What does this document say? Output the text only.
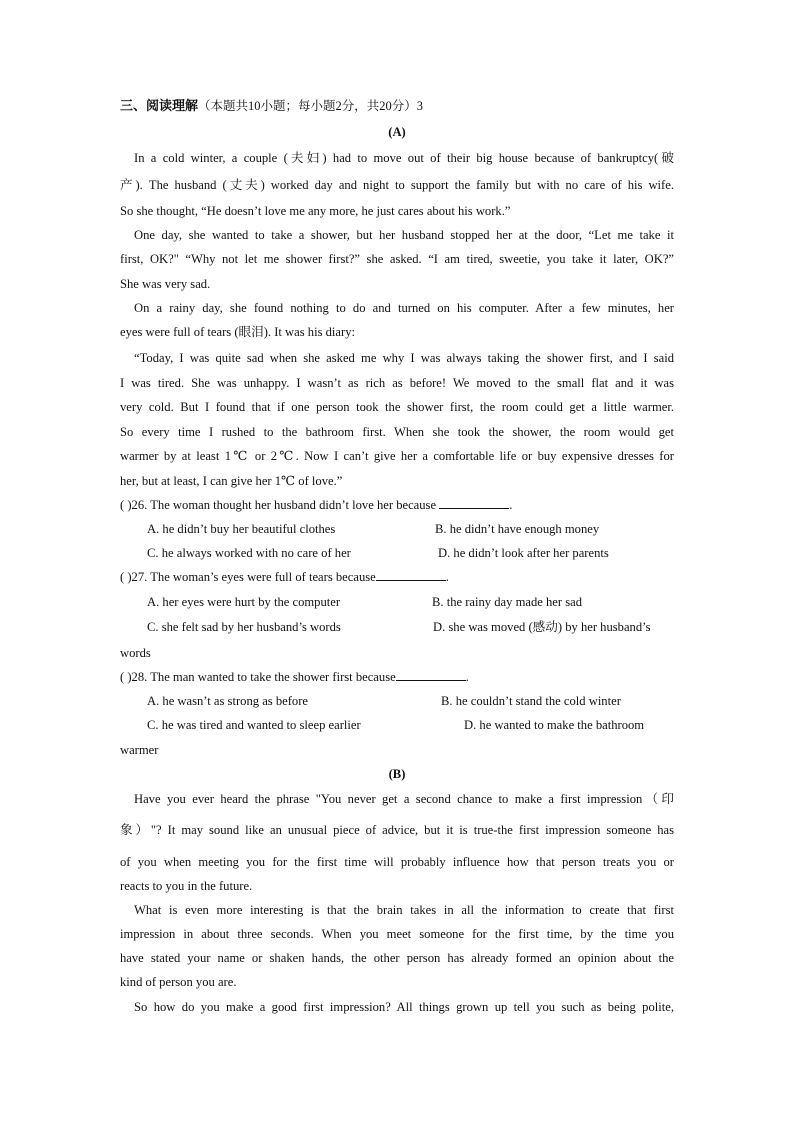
三、阅读理解（本题共10小题；每小题2分，共20分）3
(A)
In a cold winter, a couple (夫妇) had to move out of their big house because of bankruptcy(破
产). The husband (丈夫) worked day and night to support the family but with no care of his wife.
So she thought, “He doesn’t love me any more, he just cares about his work.”
One day, she wanted to take a shower, but her husband stopped her at the door, “Let me take it
first, OK?" “Why not let me shower first?” she asked. “I am tired, sweetie, you take it later, OK?”
She was very sad.
On a rainy day, she found nothing to do and turned on his computer. After a few minutes, her
eyes were full of tears (眼泪). It was his diary:
“Today, I was quite sad when she asked me why I was always taking the shower first, and I said
I was tired. She was unhappy. I wasn’t as rich as before! We moved to the small flat and it was
very cold. But I found that if one person took the shower first, the room could get a little warmer.
So every time I rushed to the bathroom first. When she took the shower, the room would get
warmer by at least 1℃ or 2℃. Now I can’t give her a comfortable life or buy expensive dresses for
her, but at least, I can give her 1℃ of love.”
( )26. The woman thought her husband didn’t love her because	.
A. he didn’t buy her beautiful clothes	B. he didn’t have enough money
C. he always worked with no care of her	D. he didn’t look after her parents
( )27. The woman’s eyes were full of tears because	.
A. her eyes were hurt by the computer	B. the rainy day made her sad
C. she felt sad by her husband’s words	D. she was moved (感动) by her husband’s
words
( )28. The man wanted to take the shower first because	.
A. he wasn’t as strong as before	B. he couldn’t stand the cold winter
C. he was tired and wanted to sleep earlier	D. he wanted to make the bathroom
warmer
(B)
Have you ever heard the phrase "You never get a second chance to make a first impression（印
象）"? It may sound like an unusual piece of advice, but it is true-the first impression someone has
of you when meeting you for the first time will probably influence how that person treats you or
reacts to you in the future.
What is even more interesting is that the brain takes in all the information to create that first
impression in about three seconds. When you meet someone for the first time, by the time you
have stated your name or shaken hands, the other person has already formed an opinion about the
kind of person you are.
So how do you make a good first impression? All things grown up tell you such as being polite,
